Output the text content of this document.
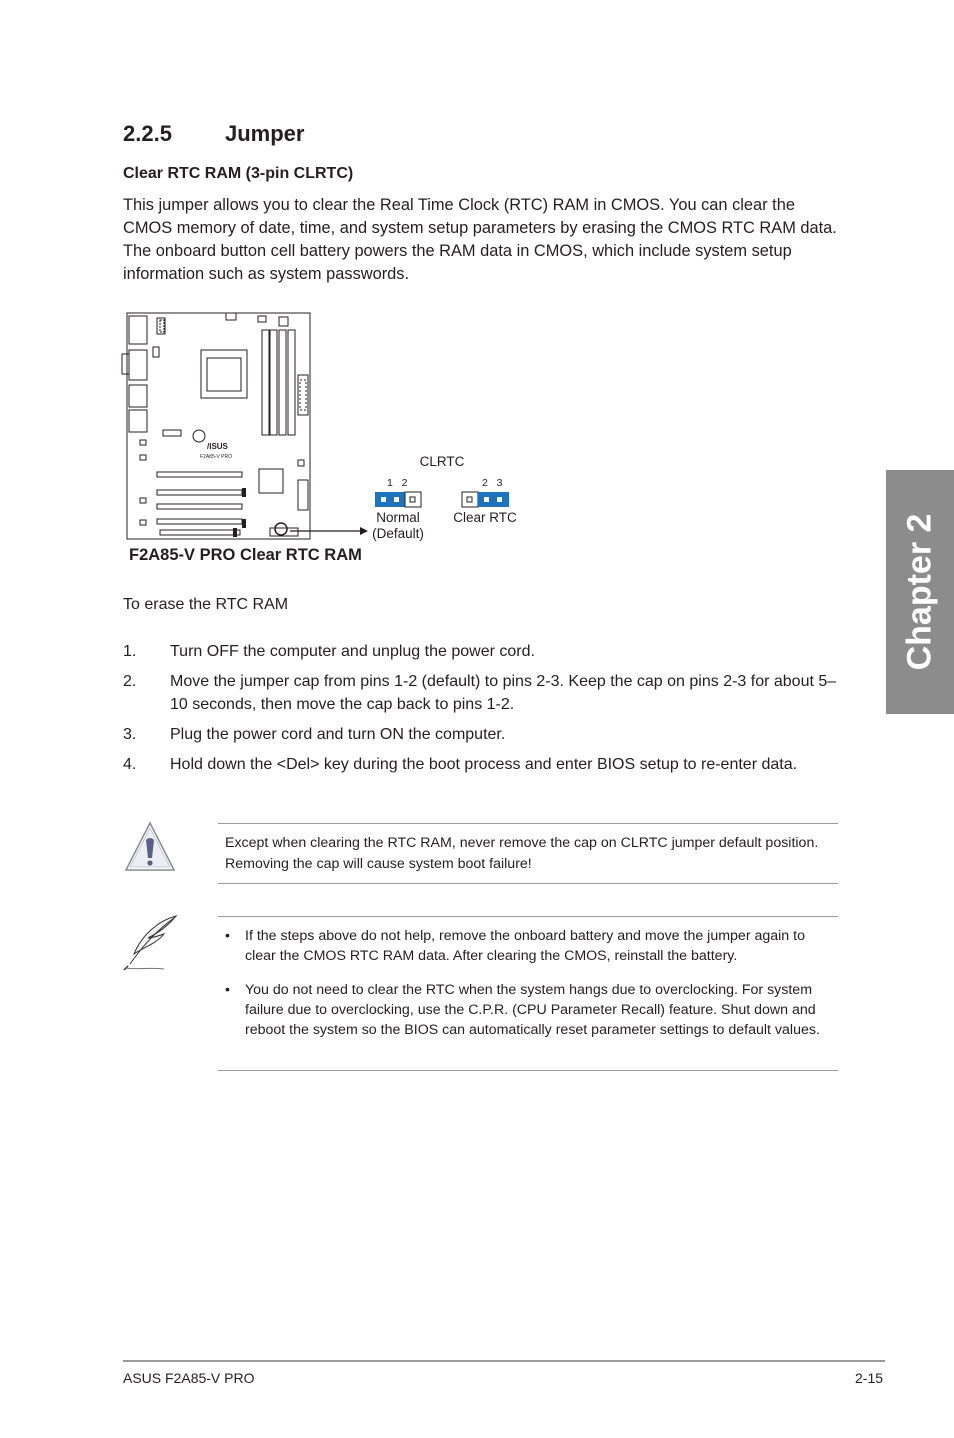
2.2.5 Jumper
Clear RTC RAM (3-pin CLRTC)
This jumper allows you to clear the Real Time Clock (RTC) RAM in CMOS. You can clear the CMOS memory of date, time, and system setup parameters by erasing the CMOS RTC RAM data. The onboard button cell battery powers the RAM data in CMOS, which include system setup information such as system passwords.
/ISUS
F2A85-V PRO	CLRTC
1   2
Normal
(Default)
2   3
Clear RTC
F2A85-V PRO Clear RTC RAM
To erase the RTC RAM
1. Turn OFF the computer and unplug the power cord.
2. Move the jumper cap from pins 1-2 (default) to pins 2-3. Keep the cap on pins 2-3 for about 5–10 seconds, then move the cap back to pins 1-2.
3. Plug the power cord and turn ON the computer.
4. Hold down the <Del> key during the boot process and enter BIOS setup to re-enter data.
Except when clearing the RTC RAM, never remove the cap on CLRTC jumper default position. Removing the cap will cause system boot failure!
• If the steps above do not help, remove the onboard battery and move the jumper again to clear the CMOS RTC RAM data. After clearing the CMOS, reinstall the battery.
• You do not need to clear the RTC when the system hangs due to overclocking. For system failure due to overclocking, use the C.P.R. (CPU Parameter Recall) feature. Shut down and reboot the system so the BIOS can automatically reset parameter settings to default values.
Chapter 2
ASUS F2A85-V PRO	2-15
